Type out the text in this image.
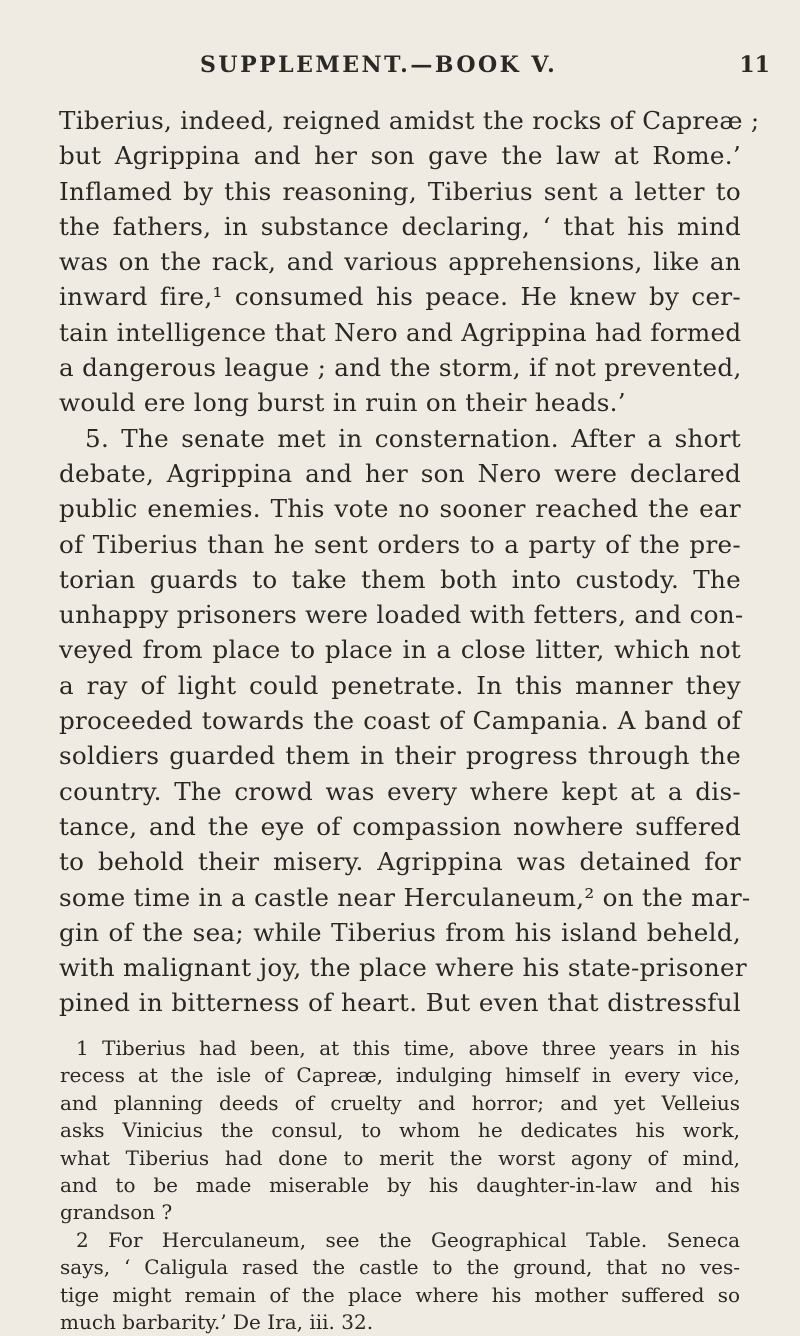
SUPPLEMENT.—BOOK V.	11
Tiberius, indeed, reigned amidst the rocks of Capreæ ;
but Agrippina and her son gave the law at Rome.’
Inflamed by this reasoning, Tiberius sent a letter to
the fathers, in substance declaring, ‘ that his mind
was on the rack, and various apprehensions, like an
inward fire,¹ consumed his peace. He knew by cer-
tain intelligence that Nero and Agrippina had formed
a dangerous league ; and the storm, if not prevented,
would ere long burst in ruin on their heads.’
5. The senate met in consternation. After a short
debate, Agrippina and her son Nero were declared
public enemies. This vote no sooner reached the ear
of Tiberius than he sent orders to a party of the pre-
torian guards to take them both into custody. The
unhappy prisoners were loaded with fetters, and con-
veyed from place to place in a close litter, which not
a ray of light could penetrate. In this manner they
proceeded towards the coast of Campania. A band of
soldiers guarded them in their progress through the
country. The crowd was every where kept at a dis-
tance, and the eye of compassion nowhere suffered
to behold their misery. Agrippina was detained for
some time in a castle near Herculaneum,² on the mar-
gin of the sea; while Tiberius from his island beheld,
with malignant joy, the place where his state-prisoner
pined in bitterness of heart. But even that distressful
1 Tiberius had been, at this time, above three years in his
recess at the isle of Capreæ, indulging himself in every vice,
and planning deeds of cruelty and horror; and yet Velleius
asks Vinicius the consul, to whom he dedicates his work,
what Tiberius had done to merit the worst agony of mind,
and to be made miserable by his daughter-in-law and his
grandson ?
2 For Herculaneum, see the Geographical Table. Seneca
says, ‘ Caligula rased the castle to the ground, that no ves-
tige might remain of the place where his mother suffered so
much barbarity.’ De Ira, iii. 32.
